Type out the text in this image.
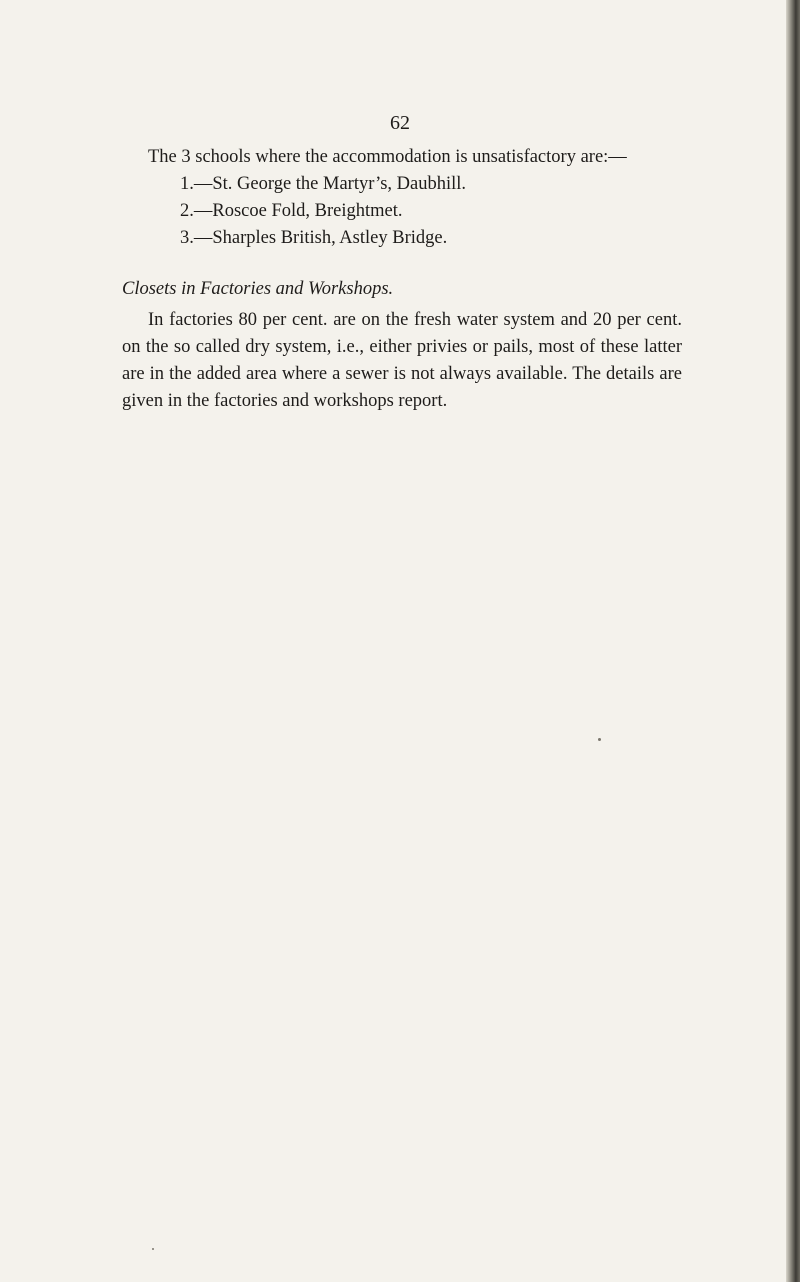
62

The 3 schools where the accommodation is unsatisfactory are:—

1.—St. George the Martyr’s, Daubhill.
2.—Roscoe Fold, Breightmet.
3.—Sharples British, Astley Bridge.
Closets in Factories and Workshops.

In factories 80 per cent. are on the fresh water system and 20 per cent. on the so called dry system, i.e., either privies or pails, most of these latter are in the added area where a sewer is not always available. The details are given in the factories and workshops report.
